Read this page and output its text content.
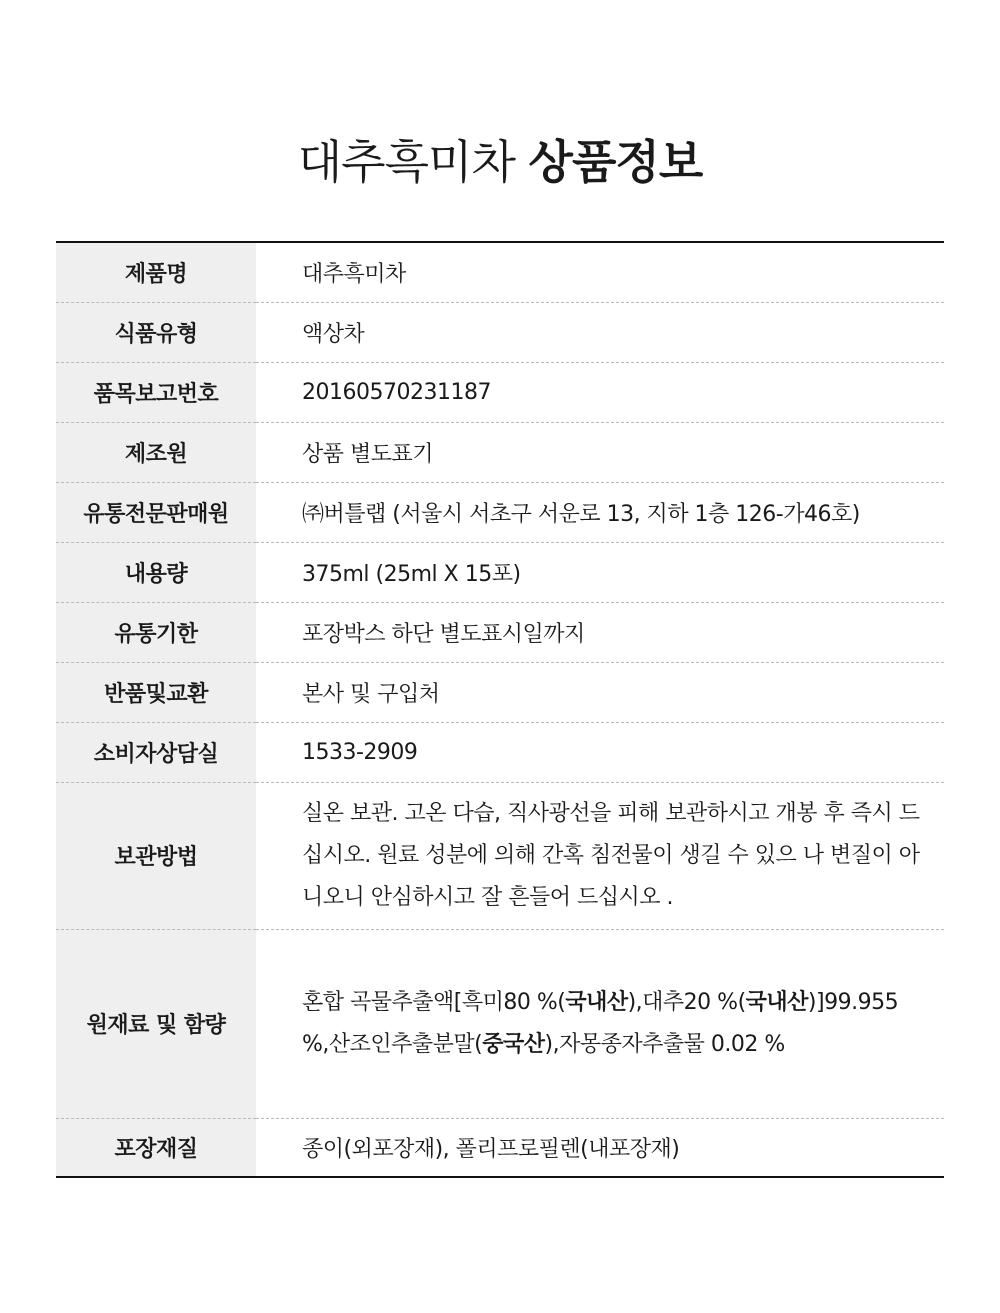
대추흑미차 상품정보
제품명	대추흑미차
식품유형	액상차
품목보고번호	20160570231187
제조원	상품 별도표기
유통전문판매원	㈜버틀랩 (서울시 서초구 서운로 13, 지하 1층 126-가46호)
내용량	375ml (25ml X 15포)
유통기한	포장박스 하단 별도표시일까지
반품및교환	본사 및 구입처
소비자상담실	1533-2909
보관방법	실온 보관. 고온 다습, 직사광선을 피해 보관하시고 개봉 후 즉시 드
십시오. 원료 성분에 의해 간혹 침전물이 생길 수 있으 나 변질이 아
니오니 안심하시고 잘 흔들어 드십시오 .

원재료 및 함량	혼합 곡물추출액[흑미80 %(국내산),대추20 %(국내산)]99.955
%,산조인추출분말(중국산),자몽종자추출물 0.02 %

포장재질	종이(외포장재), 폴리프로필렌(내포장재)
